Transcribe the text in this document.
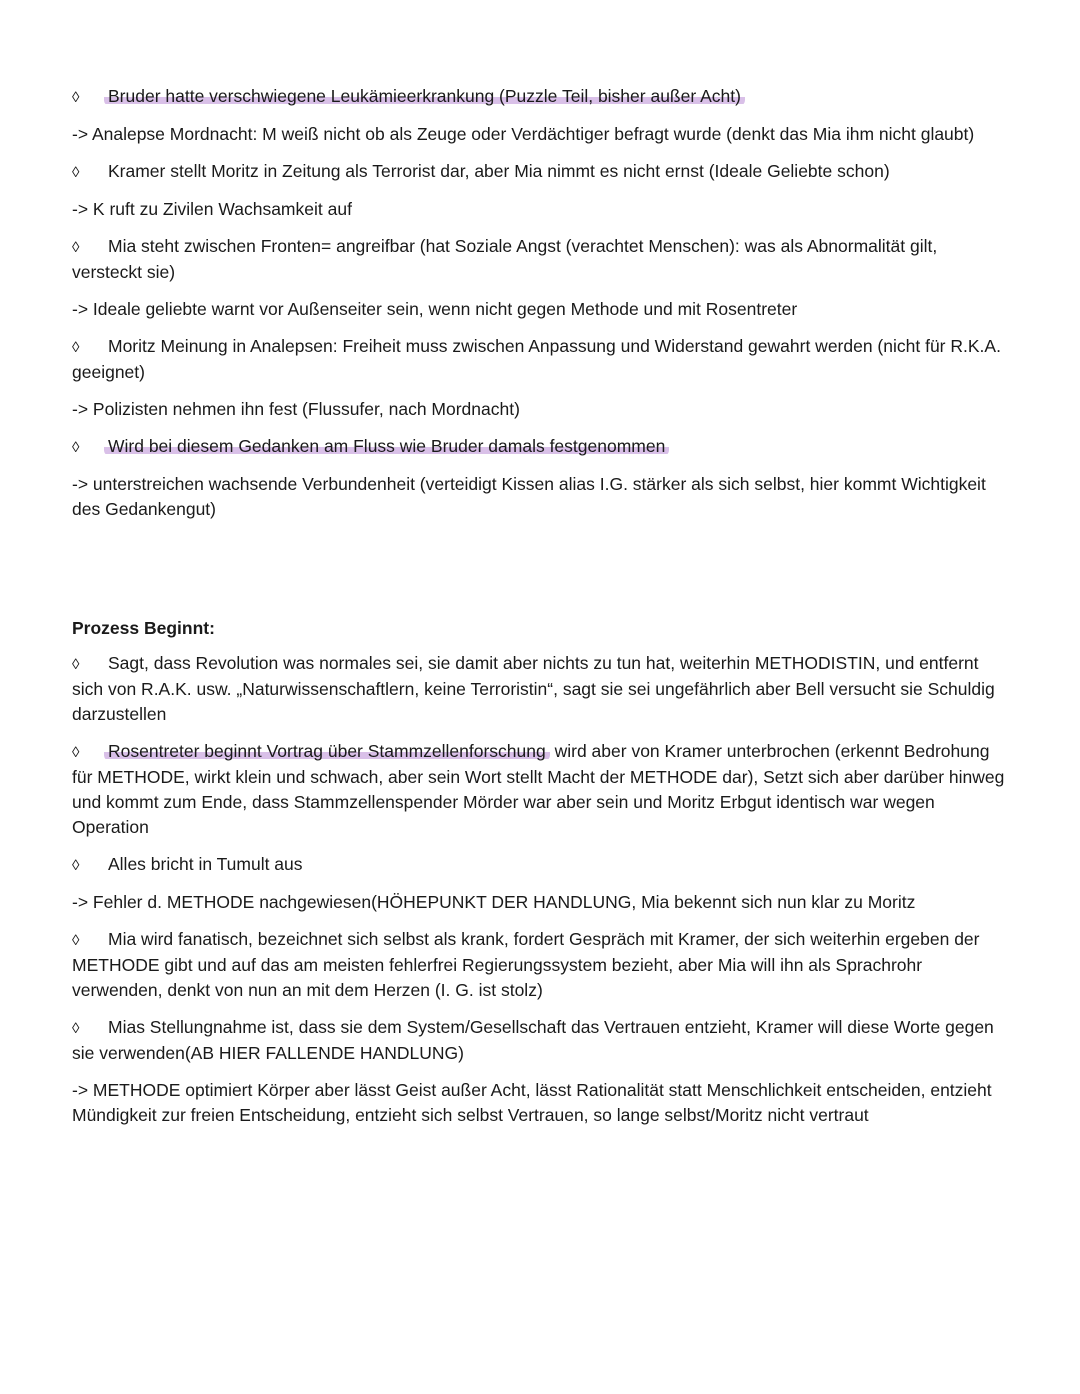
◊ Bruder hatte verschwiegene Leukämieerkrankung (Puzzle Teil, bisher außer Acht)

-> Analepse Mordnacht: M weiß nicht ob als Zeuge oder Verdächtiger befragt wurde (denkt das Mia ihm nicht glaubt)

◊ Kramer stellt Moritz in Zeitung als Terrorist dar, aber Mia nimmt es nicht ernst (Ideale Geliebte schon)

-> K ruft zu Zivilen Wachsamkeit auf

◊ Mia steht zwischen Fronten= angreifbar (hat Soziale Angst (verachtet Menschen): was als Abnormalität gilt, versteckt sie)

-> Ideale geliebte warnt vor Außenseiter sein, wenn nicht gegen Methode und mit Rosentreter

◊ Moritz Meinung in Analepsen: Freiheit muss zwischen Anpassung und Widerstand gewahrt werden (nicht für R.K.A. geeignet)

-> Polizisten nehmen ihn fest (Flussufer, nach Mordnacht)

◊ Wird bei diesem Gedanken am Fluss wie Bruder damals festgenommen

-> unterstreichen wachsende Verbundenheit (verteidigt Kissen alias I.G. stärker als sich selbst, hier kommt Wichtigkeit des Gedankengut)

Prozess Beginnt:

◊ Sagt, dass Revolution was normales sei, sie damit aber nichts zu tun hat, weiterhin METHODISTIN, und entfernt sich von R.A.K. usw. „Naturwissenschaftlern, keine Terroristin“, sagt sie sei ungefährlich aber Bell versucht sie Schuldig darzustellen

◊ Rosentreter beginnt Vortrag über Stammzellenforschung wird aber von Kramer unterbrochen (erkennt Bedrohung für METHODE, wirkt klein und schwach, aber sein Wort stellt Macht der METHODE dar), Setzt sich aber darüber hinweg und kommt zum Ende, dass Stammzellenspender Mörder war aber sein und Moritz Erbgut identisch war wegen Operation

◊ Alles bricht in Tumult aus

-> Fehler d. METHODE nachgewiesen(HÖHEPUNKT DER HANDLUNG, Mia bekennt sich nun klar zu Moritz

◊ Mia wird fanatisch, bezeichnet sich selbst als krank, fordert Gespräch mit Kramer, der sich weiterhin ergeben der METHODE gibt und auf das am meisten fehlerfrei Regierungssystem bezieht, aber Mia will ihn als Sprachrohr verwenden, denkt von nun an mit dem Herzen (I. G. ist stolz)

◊ Mias Stellungnahme ist, dass sie dem System/Gesellschaft das Vertrauen entzieht, Kramer will diese Worte gegen sie verwenden(AB HIER FALLENDE HANDLUNG)

-> METHODE optimiert Körper aber lässt Geist außer Acht, lässt Rationalität statt Menschlichkeit entscheiden, entzieht Mündigkeit zur freien Entscheidung, entzieht sich selbst Vertrauen, so lange selbst/Moritz nicht vertraut
